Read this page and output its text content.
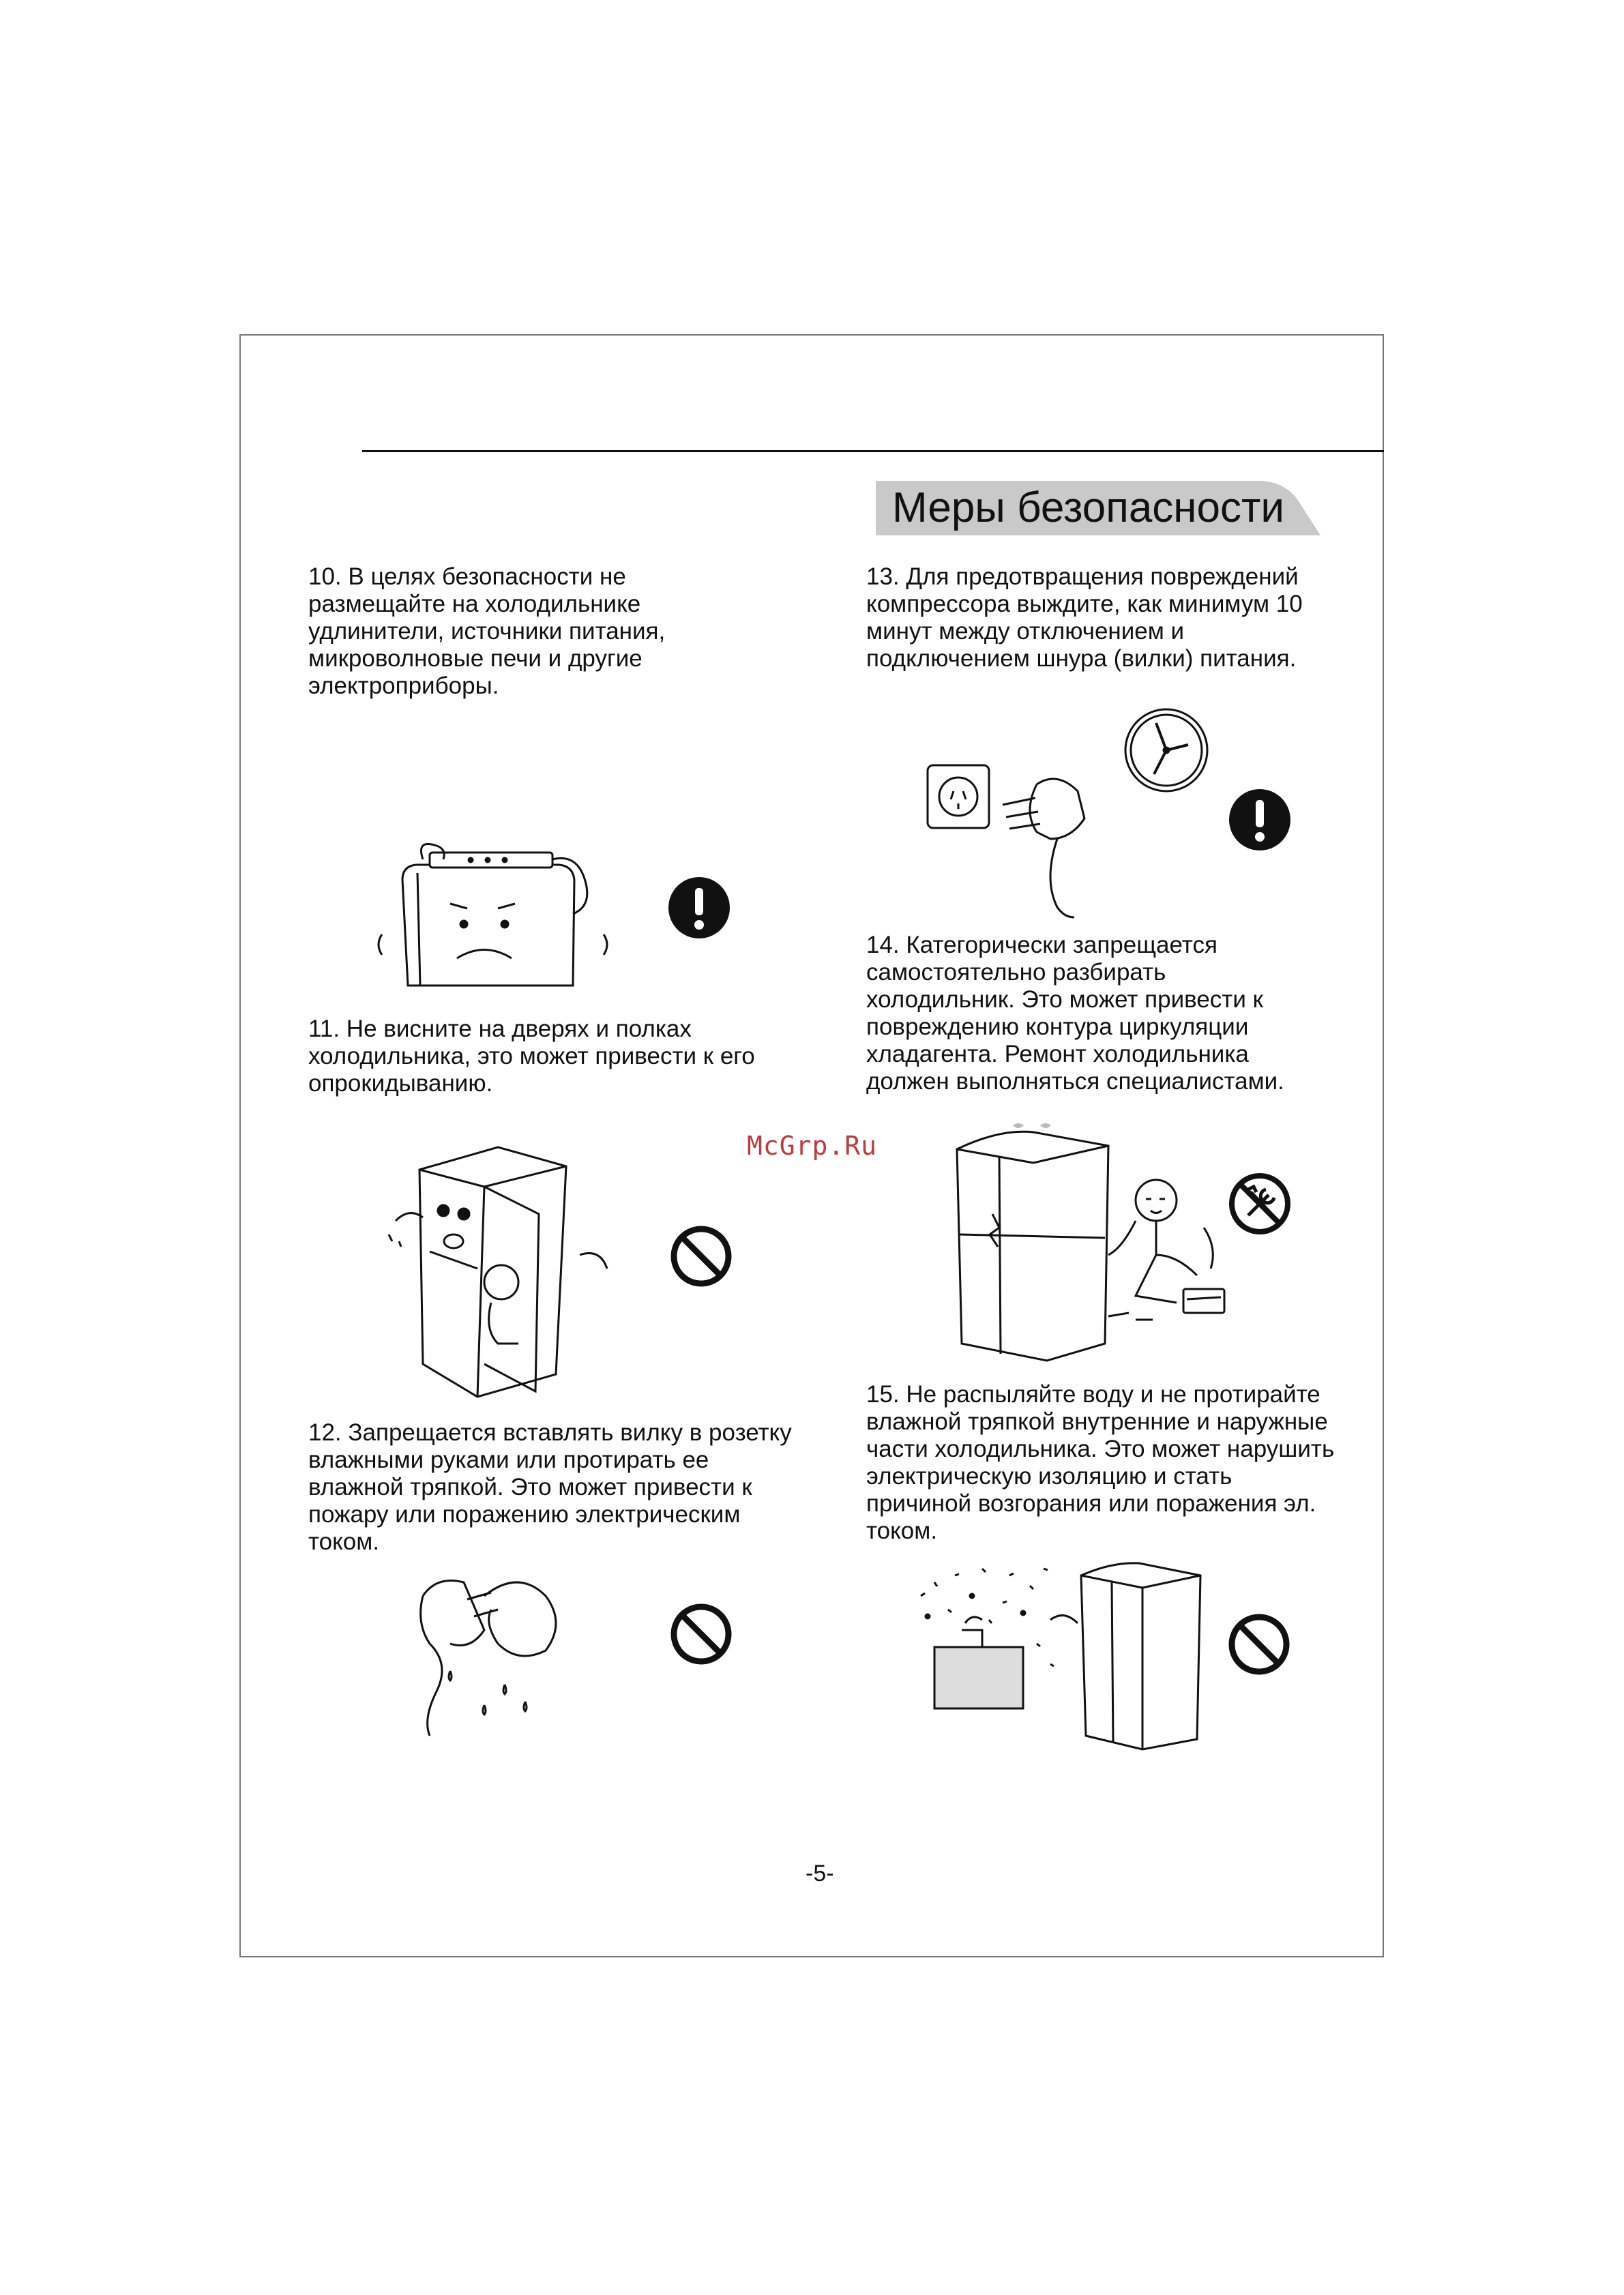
Меры безопасности
10. В целях безопасности не размещайте на холодильнике удлинители, источники питания, микроволновые печи и другие электроприборы.
11. Не висните на дверях и полках холодильника, это может привести к его опрокидыванию.
12. Запрещается вставлять вилку в розетку влажными руками или протирать ее влажной тряпкой. Это может привести к пожару или поражению электрическим током.
13. Для предотвращения повреждений компрессора выждите, как минимум 10 минут между отключением и подключением шнура (вилки) питания.
14. Категорически запрещается самостоятельно разбирать холодильник. Это может привести к повреждению контура циркуляции хладагента. Ремонт холодильника должен выполняться специалистами.
15. Не распыляйте воду и не протирайте влажной тряпкой внутренние и наружные части холодильника. Это может нарушить электрическую изоляцию и стать причиной возгорания или поражения эл. током.
McGrp.Ru
-5-
